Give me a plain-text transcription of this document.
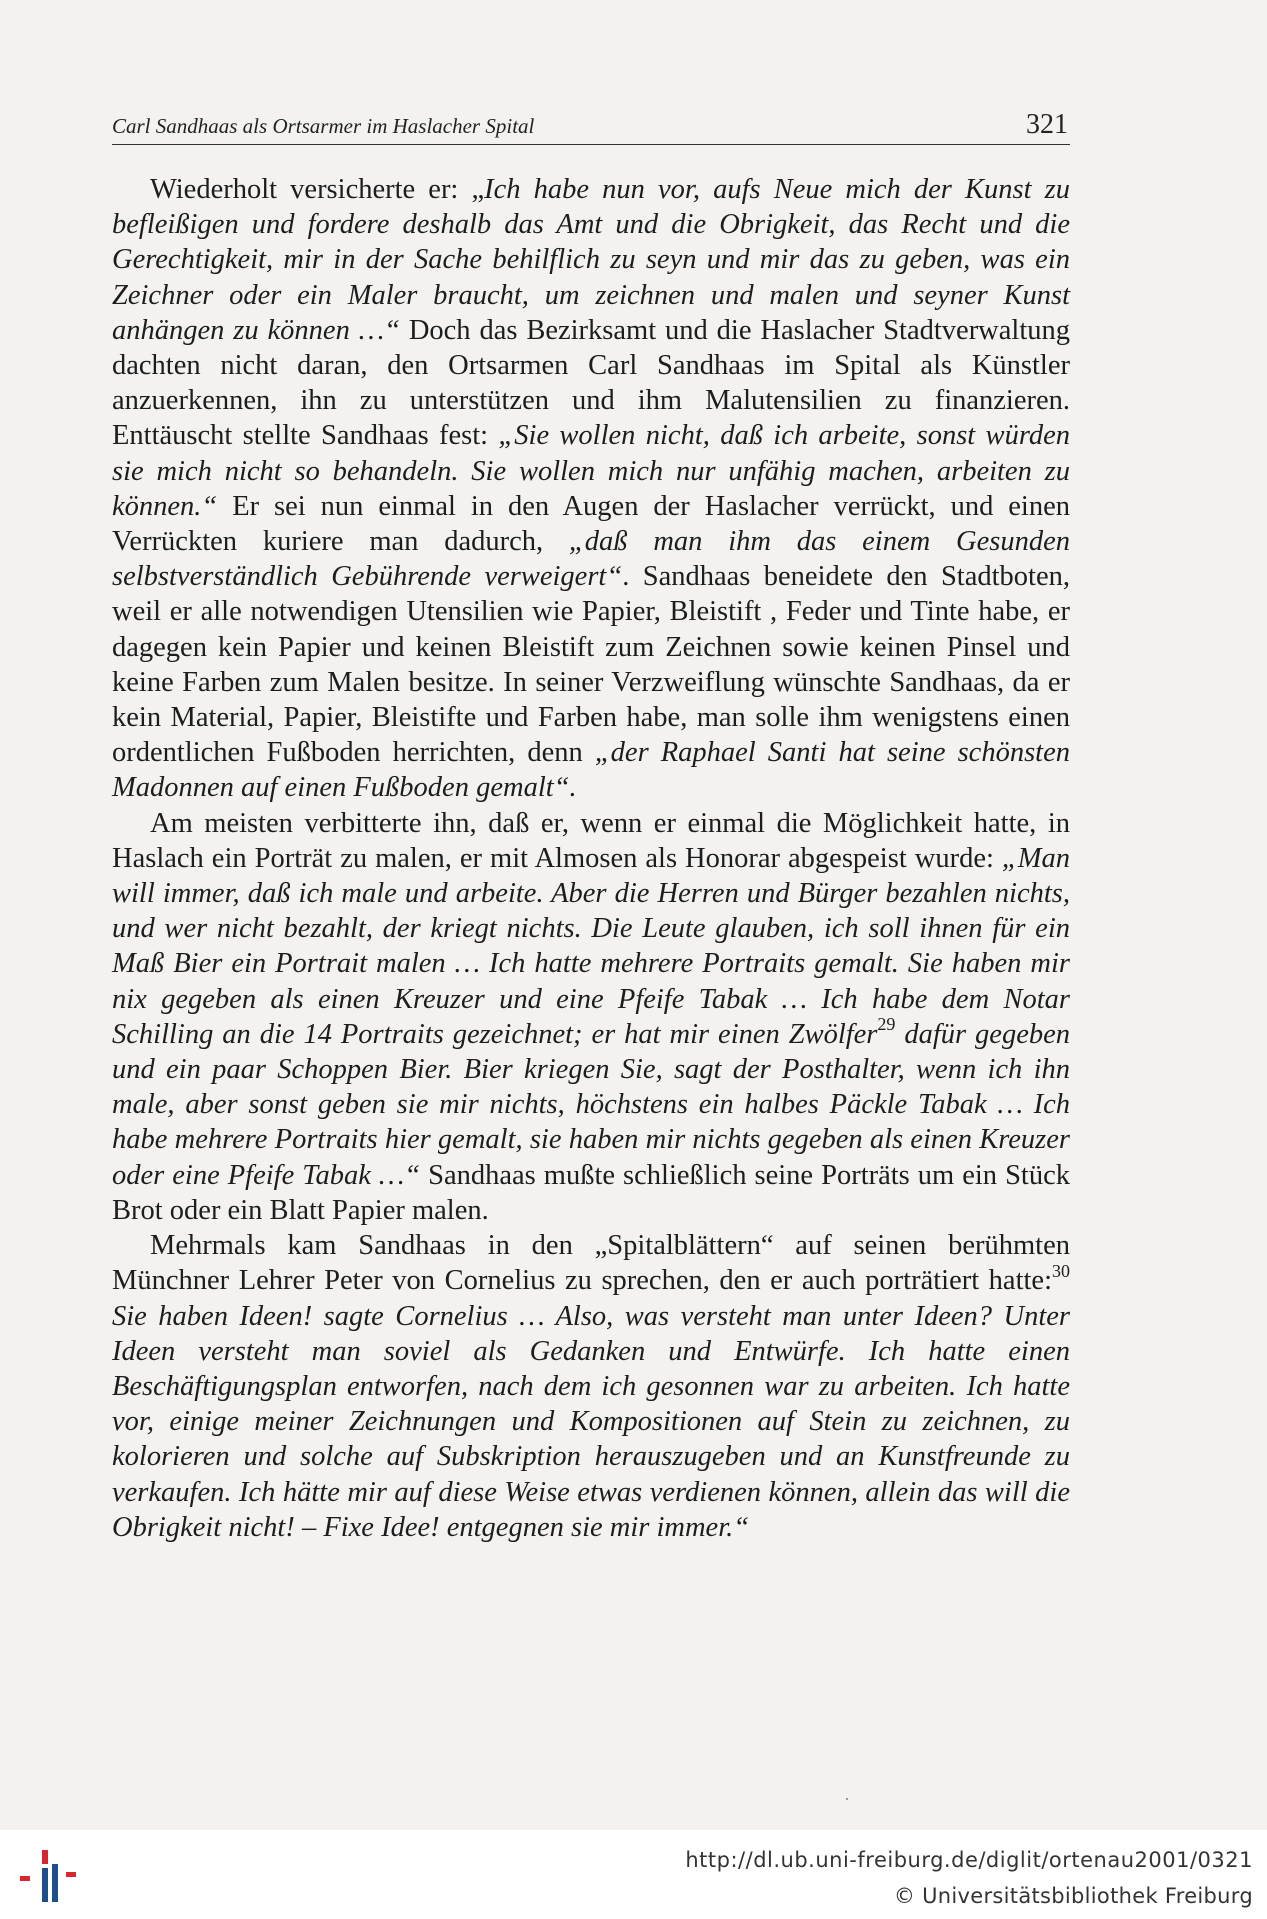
Carl Sandhaas als Ortsarmer im Haslacher Spital	321

Wiederholt versicherte er: „Ich habe nun vor, aufs Neue mich der Kunst zu befleißigen und fordere deshalb das Amt und die Obrigkeit, das Recht und die Gerechtigkeit, mir in der Sache behilflich zu seyn und mir das zu geben, was ein Zeichner oder ein Maler braucht, um zeichnen und malen und seyner Kunst anhängen zu können …“ Doch das Bezirksamt und die Haslacher Stadtverwaltung dachten nicht daran, den Ortsarmen Carl Sandhaas im Spital als Künstler anzuerkennen, ihn zu unterstützen und ihm Malutensilien zu finanzieren. Enttäuscht stellte Sandhaas fest: „Sie wollen nicht, daß ich arbeite, sonst würden sie mich nicht so behandeln. Sie wollen mich nur unfähig machen, arbeiten zu können.“ Er sei nun einmal in den Augen der Haslacher verrückt, und einen Verrückten kuriere man dadurch, „daß man ihm das einem Gesunden selbstverständlich Gebührende verweigert“. Sandhaas beneidete den Stadtboten, weil er alle notwendigen Utensilien wie Papier, Bleistift , Feder und Tinte habe, er dagegen kein Papier und keinen Bleistift zum Zeichnen sowie keinen Pinsel und keine Farben zum Malen besitze. In seiner Verzweiflung wünschte Sandhaas, da er kein Material, Papier, Bleistifte und Farben habe, man solle ihm wenigstens einen ordentlichen Fußboden herrichten, denn „der Raphael Santi hat seine schönsten Madonnen auf einen Fußboden gemalt“.

Am meisten verbitterte ihn, daß er, wenn er einmal die Möglichkeit hatte, in Haslach ein Porträt zu malen, er mit Almosen als Honorar abgespeist wurde: „Man will immer, daß ich male und arbeite. Aber die Herren und Bürger bezahlen nichts, und wer nicht bezahlt, der kriegt nichts. Die Leute glauben, ich soll ihnen für ein Maß Bier ein Portrait malen … Ich hatte mehrere Portraits gemalt. Sie haben mir nix gegeben als einen Kreuzer und eine Pfeife Tabak … Ich habe dem Notar Schilling an die 14 Portraits gezeichnet; er hat mir einen Zwölfer$^{29}$ dafür gegeben und ein paar Schoppen Bier. Bier kriegen Sie, sagt der Posthalter, wenn ich ihn male, aber sonst geben sie mir nichts, höchstens ein halbes Päckle Tabak … Ich habe mehrere Portraits hier gemalt, sie haben mir nichts gegeben als einen Kreuzer oder eine Pfeife Tabak …“ Sandhaas mußte schließlich seine Porträts um ein Stück Brot oder ein Blatt Papier malen.

Mehrmals kam Sandhaas in den „Spitalblättern“ auf seinen berühmten Münchner Lehrer Peter von Cornelius zu sprechen, den er auch porträtiert hatte:$^{30}$ Sie haben Ideen! sagte Cornelius … Also, was versteht man unter Ideen? Unter Ideen versteht man soviel als Gedanken und Entwürfe. Ich hatte einen Beschäftigungsplan entworfen, nach dem ich gesonnen war zu arbeiten. Ich hatte vor, einige meiner Zeichnungen und Kompositionen auf Stein zu zeichnen, zu kolorieren und solche auf Subskription herauszugeben und an Kunstfreunde zu verkaufen. Ich hätte mir auf diese Weise etwas verdienen können, allein das will die Obrigkeit nicht! – Fixe Idee! entgegnen sie mir immer.“

http://dl.ub.uni-freiburg.de/diglit/ortenau2001/0321
© Universitätsbibliothek Freiburg
